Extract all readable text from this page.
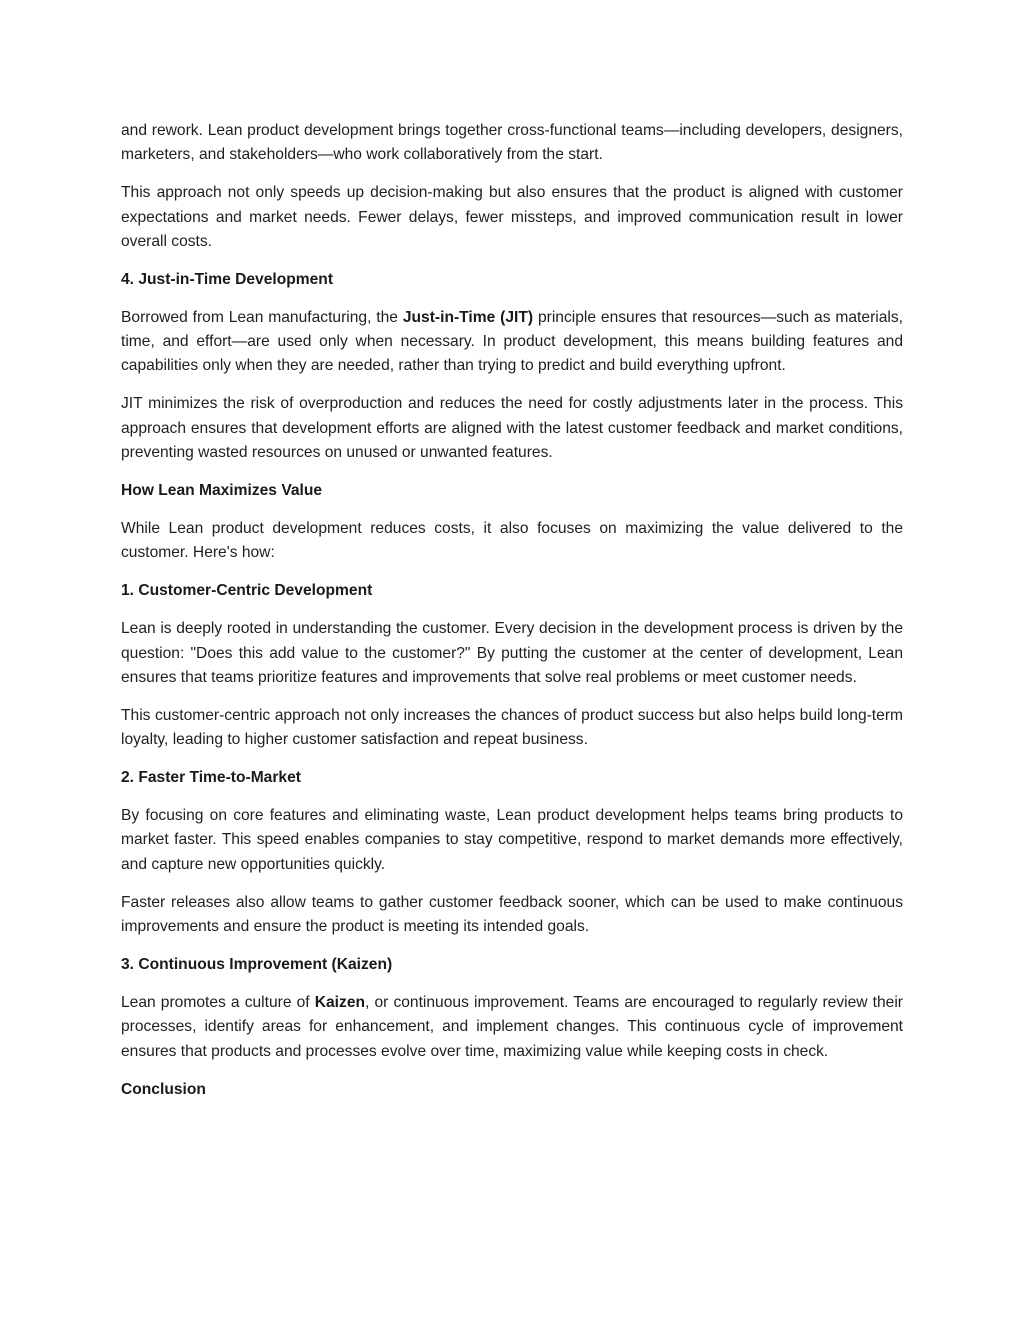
and rework. Lean product development brings together cross-functional teams—including developers, designers, marketers, and stakeholders—who work collaboratively from the start.

This approach not only speeds up decision-making but also ensures that the product is aligned with customer expectations and market needs. Fewer delays, fewer missteps, and improved communication result in lower overall costs.

4. Just-in-Time Development

Borrowed from Lean manufacturing, the Just-in-Time (JIT) principle ensures that resources—such as materials, time, and effort—are used only when necessary. In product development, this means building features and capabilities only when they are needed, rather than trying to predict and build everything upfront.

JIT minimizes the risk of overproduction and reduces the need for costly adjustments later in the process. This approach ensures that development efforts are aligned with the latest customer feedback and market conditions, preventing wasted resources on unused or unwanted features.

How Lean Maximizes Value

While Lean product development reduces costs, it also focuses on maximizing the value delivered to the customer. Here's how:

1. Customer-Centric Development

Lean is deeply rooted in understanding the customer. Every decision in the development process is driven by the question: "Does this add value to the customer?" By putting the customer at the center of development, Lean ensures that teams prioritize features and improvements that solve real problems or meet customer needs.

This customer-centric approach not only increases the chances of product success but also helps build long-term loyalty, leading to higher customer satisfaction and repeat business.

2. Faster Time-to-Market

By focusing on core features and eliminating waste, Lean product development helps teams bring products to market faster. This speed enables companies to stay competitive, respond to market demands more effectively, and capture new opportunities quickly.

Faster releases also allow teams to gather customer feedback sooner, which can be used to make continuous improvements and ensure the product is meeting its intended goals.

3. Continuous Improvement (Kaizen)

Lean promotes a culture of Kaizen, or continuous improvement. Teams are encouraged to regularly review their processes, identify areas for enhancement, and implement changes. This continuous cycle of improvement ensures that products and processes evolve over time, maximizing value while keeping costs in check.

Conclusion
